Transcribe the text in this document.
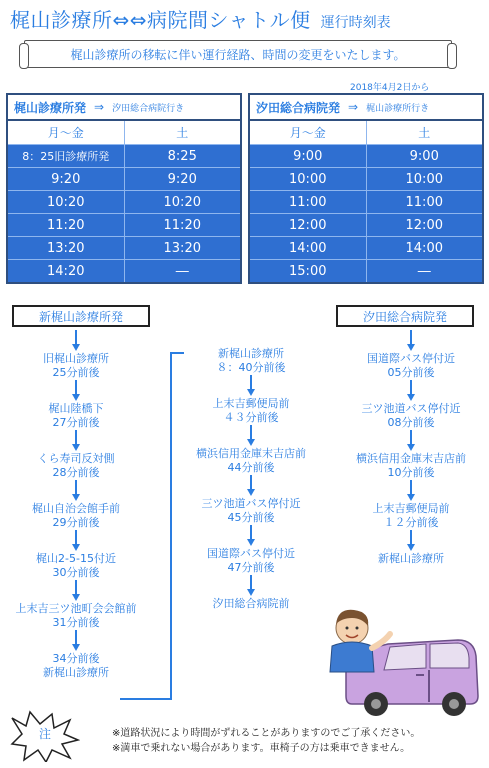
梶山診療所⇔⇔病院間シャトル便 運行時刻表
梶山診療所の移転に伴い運行経路、時間の変更をいたします。
2018年4月2日から
梶山診療所発 ⇒ 汐田総合病院行き
月～金	土
8：25旧診療所発	8:25
9:20	9:20
10:20	10:20
11:20	11:20
13:20	13:20
14:20	―
汐田総合病院発 ⇒ 梶山診療所行き
月～金	土
9:00	9:00
10:00	10:00
11:00	11:00
12:00	12:00
14:00	14:00
15:00	―
新梶山診療所発	汐田総合病院発
旧梶山診療所
25分前後
梶山陸橋下
27分前後
くら寿司反対側
28分前後
梶山自治会館手前
29分前後
梶山2-5-15付近
30分前後
上末吉三ツ池町会会館前
31分前後
34分前後
新梶山診療所
新梶山診療所
８：40分前後
上末吉郵便局前
４３分前後
横浜信用金庫末吉店前
44分前後
三ツ池道バス停付近
45分前後
国道際バス停付近
47分前後
汐田総合病院前
国道際バス停付近
05分前後
三ツ池道バス停付近
08分前後
横浜信用金庫末吉店前
10分前後
上末吉郵便局前
１２分前後
新梶山診療所
注	※道路状況により時間がずれることがありますのでご了承ください。
※満車で乗れない場合があります。車椅子の方は乗車できません。
